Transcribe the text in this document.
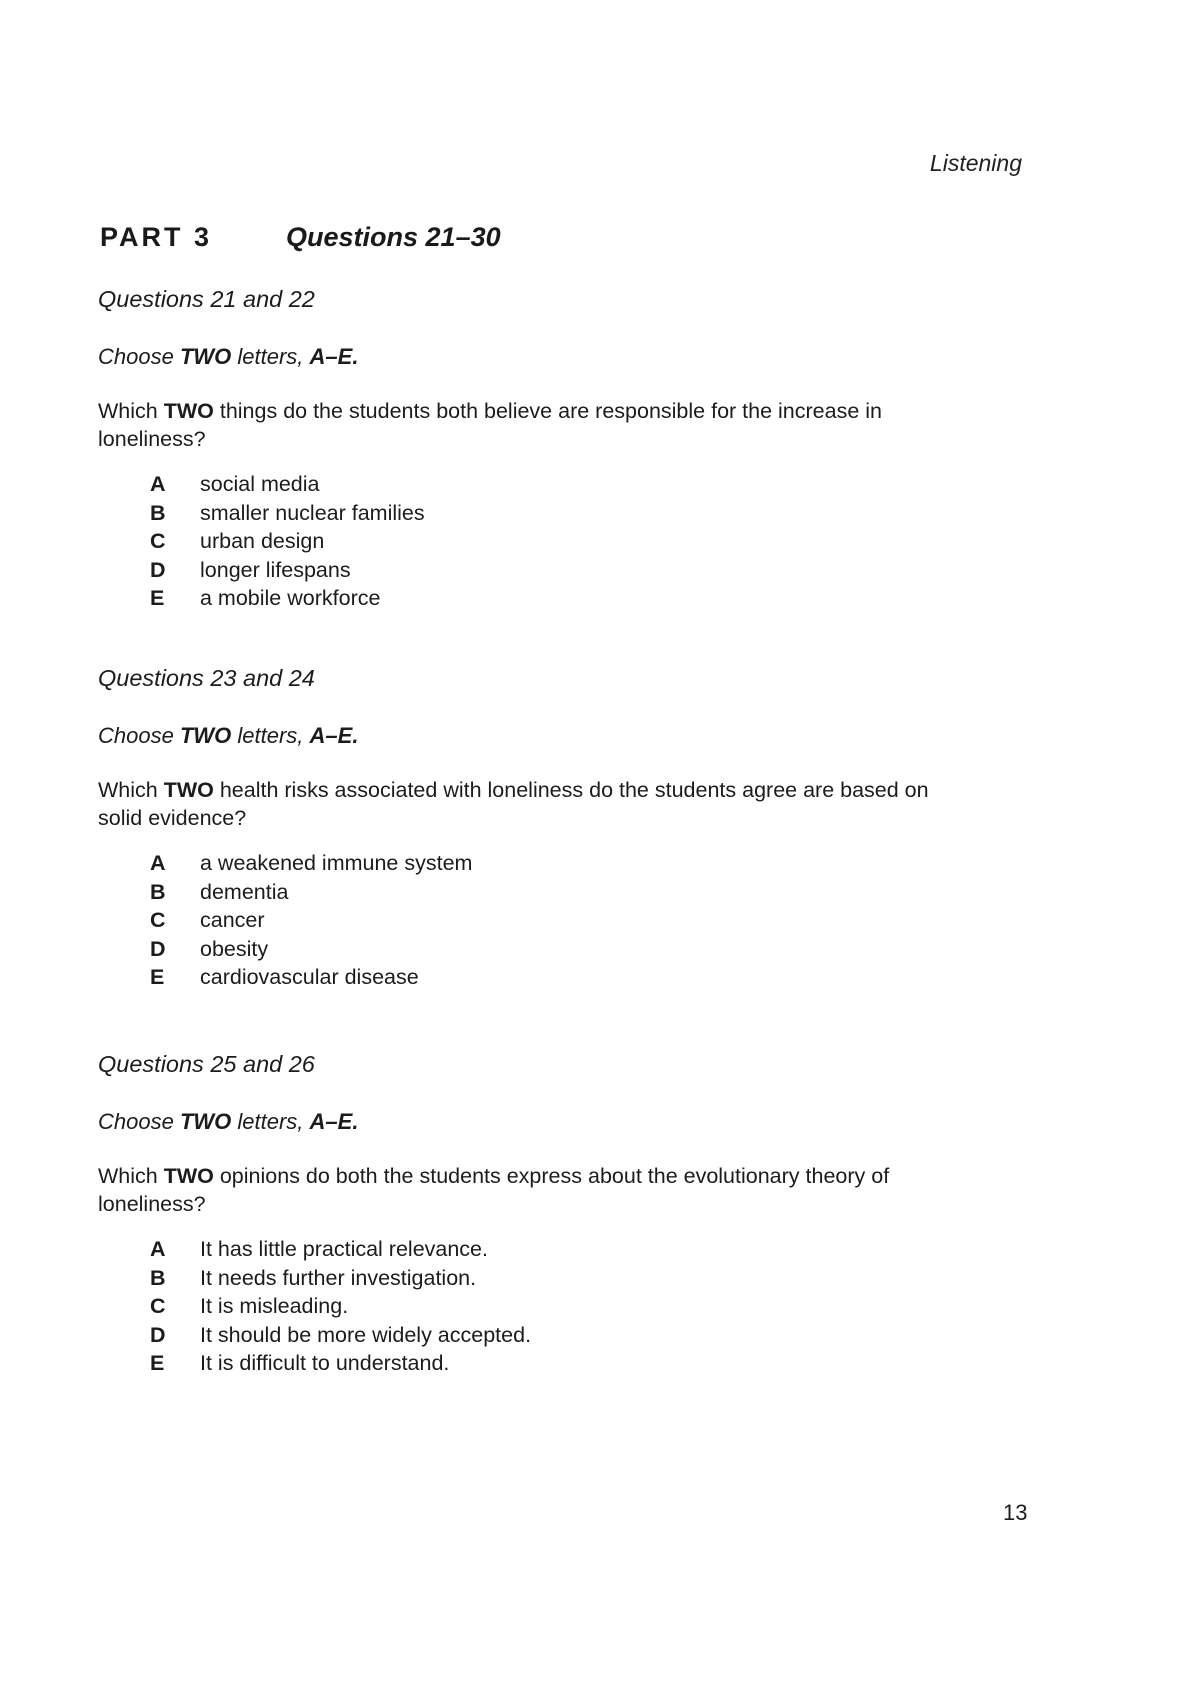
Listening
PART 3	Questions 21–30
Questions 21 and 22

Choose TWO letters, A–E.

Which TWO things do the students both believe are responsible for the increase in
loneliness?

A	social media
B	smaller nuclear families
C	urban design
D	longer lifespans
E	a mobile workforce
Questions 23 and 24

Choose TWO letters, A–E.

Which TWO health risks associated with loneliness do the students agree are based on
solid evidence?

A	a weakened immune system
B	dementia
C	cancer
D	obesity
E	cardiovascular disease
Questions 25 and 26

Choose TWO letters, A–E.

Which TWO opinions do both the students express about the evolutionary theory of
loneliness?

A	It has little practical relevance.
B	It needs further investigation.
C	It is misleading.
D	It should be more widely accepted.
E	It is difficult to understand.
13
